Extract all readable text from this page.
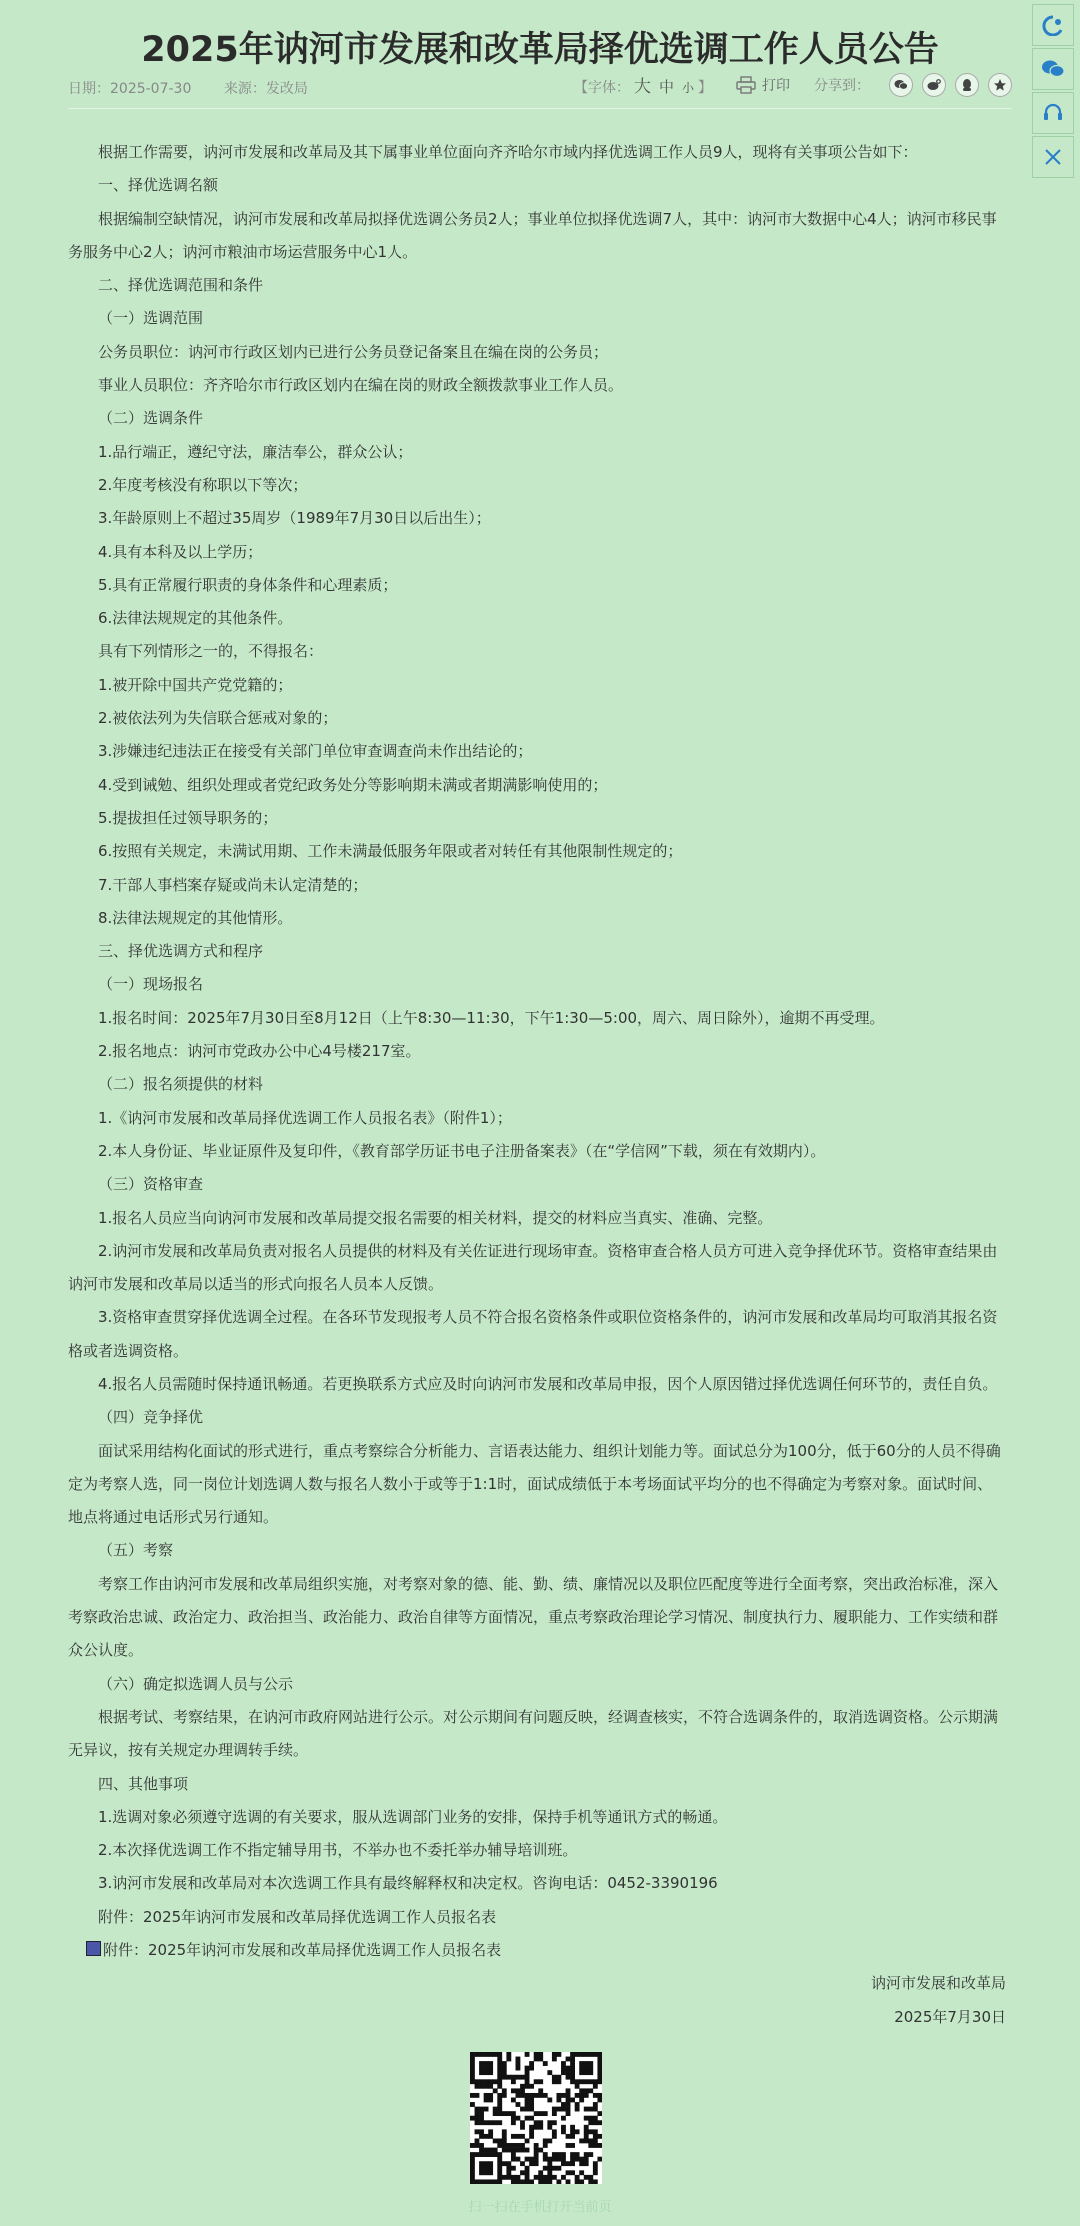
2025年讷河市发展和改革局择优选调工作人员公告
日期：2025-07-30 来源：发改局	【字体： 大 中 小 】	打印 分享到：

根据工作需要，讷河市发展和改革局及其下属事业单位面向齐齐哈尔市域内择优选调工作人员9人，现将有关事项公告如下：

一、择优选调名额

根据编制空缺情况，讷河市发展和改革局拟择优选调公务员2人；事业单位拟择优选调7人，其中：讷河市大数据中心4人；讷河市移民事务服务中心2人；讷河市粮油市场运营服务中心1人。

二、择优选调范围和条件

（一）选调范围

公务员职位：讷河市行政区划内已进行公务员登记备案且在编在岗的公务员；

事业人员职位：齐齐哈尔市行政区划内在编在岗的财政全额拨款事业工作人员。

（二）选调条件

1.品行端正，遵纪守法，廉洁奉公，群众公认；

2.年度考核没有称职以下等次；

3.年龄原则上不超过35周岁（1989年7月30日以后出生）；

4.具有本科及以上学历；

5.具有正常履行职责的身体条件和心理素质；

6.法律法规规定的其他条件。

具有下列情形之一的，不得报名：

1.被开除中国共产党党籍的；

2.被依法列为失信联合惩戒对象的；

3.涉嫌违纪违法正在接受有关部门单位审查调查尚未作出结论的；

4.受到诫勉、组织处理或者党纪政务处分等影响期未满或者期满影响使用的；

5.提拔担任过领导职务的；

6.按照有关规定，未满试用期、工作未满最低服务年限或者对转任有其他限制性规定的；

7.干部人事档案存疑或尚未认定清楚的；

8.法律法规规定的其他情形。

三、择优选调方式和程序

（一）现场报名

1.报名时间：2025年7月30日至8月12日（上午8:30—11:30，下午1:30—5:00，周六、周日除外），逾期不再受理。

2.报名地点：讷河市党政办公中心4号楼217室。

（二）报名须提供的材料

1.《讷河市发展和改革局择优选调工作人员报名表》（附件1）；

2.本人身份证、毕业证原件及复印件，《教育部学历证书电子注册备案表》（在“学信网”下载，须在有效期内）。

（三）资格审查

1.报名人员应当向讷河市发展和改革局提交报名需要的相关材料，提交的材料应当真实、准确、完整。

2.讷河市发展和改革局负责对报名人员提供的材料及有关佐证进行现场审查。资格审查合格人员方可进入竞争择优环节。资格审查结果由讷河市发展和改革局以适当的形式向报名人员本人反馈。

3.资格审查贯穿择优选调全过程。在各环节发现报考人员不符合报名资格条件或职位资格条件的，讷河市发展和改革局均可取消其报名资格或者选调资格。

4.报名人员需随时保持通讯畅通。若更换联系方式应及时向讷河市发展和改革局申报，因个人原因错过择优选调任何环节的，责任自负。

（四）竞争择优

面试采用结构化面试的形式进行，重点考察综合分析能力、言语表达能力、组织计划能力等。面试总分为100分，低于60分的人员不得确定为考察人选，同一岗位计划选调人数与报名人数小于或等于1:1时，面试成绩低于本考场面试平均分的也不得确定为考察对象。面试时间、地点将通过电话形式另行通知。

（五）考察

考察工作由讷河市发展和改革局组织实施，对考察对象的德、能、勤、绩、廉情况以及职位匹配度等进行全面考察，突出政治标准，深入考察政治忠诚、政治定力、政治担当、政治能力、政治自律等方面情况，重点考察政治理论学习情况、制度执行力、履职能力、工作实绩和群众公认度。

（六）确定拟选调人员与公示

根据考试、考察结果，在讷河市政府网站进行公示。对公示期间有问题反映，经调查核实，不符合选调条件的，取消选调资格。公示期满无异议，按有关规定办理调转手续。

四、其他事项

1.选调对象必须遵守选调的有关要求，服从选调部门业务的安排，保持手机等通讯方式的畅通。

2.本次择优选调工作不指定辅导用书，不举办也不委托举办辅导培训班。

3.讷河市发展和改革局对本次选调工作具有最终解释权和决定权。咨询电话：0452-3390196

附件：2025年讷河市发展和改革局择优选调工作人员报名表

附件：2025年讷河市发展和改革局择优选调工作人员报名表

讷河市发展和改革局

2025年7月30日

扫一扫在手机打开当前页
